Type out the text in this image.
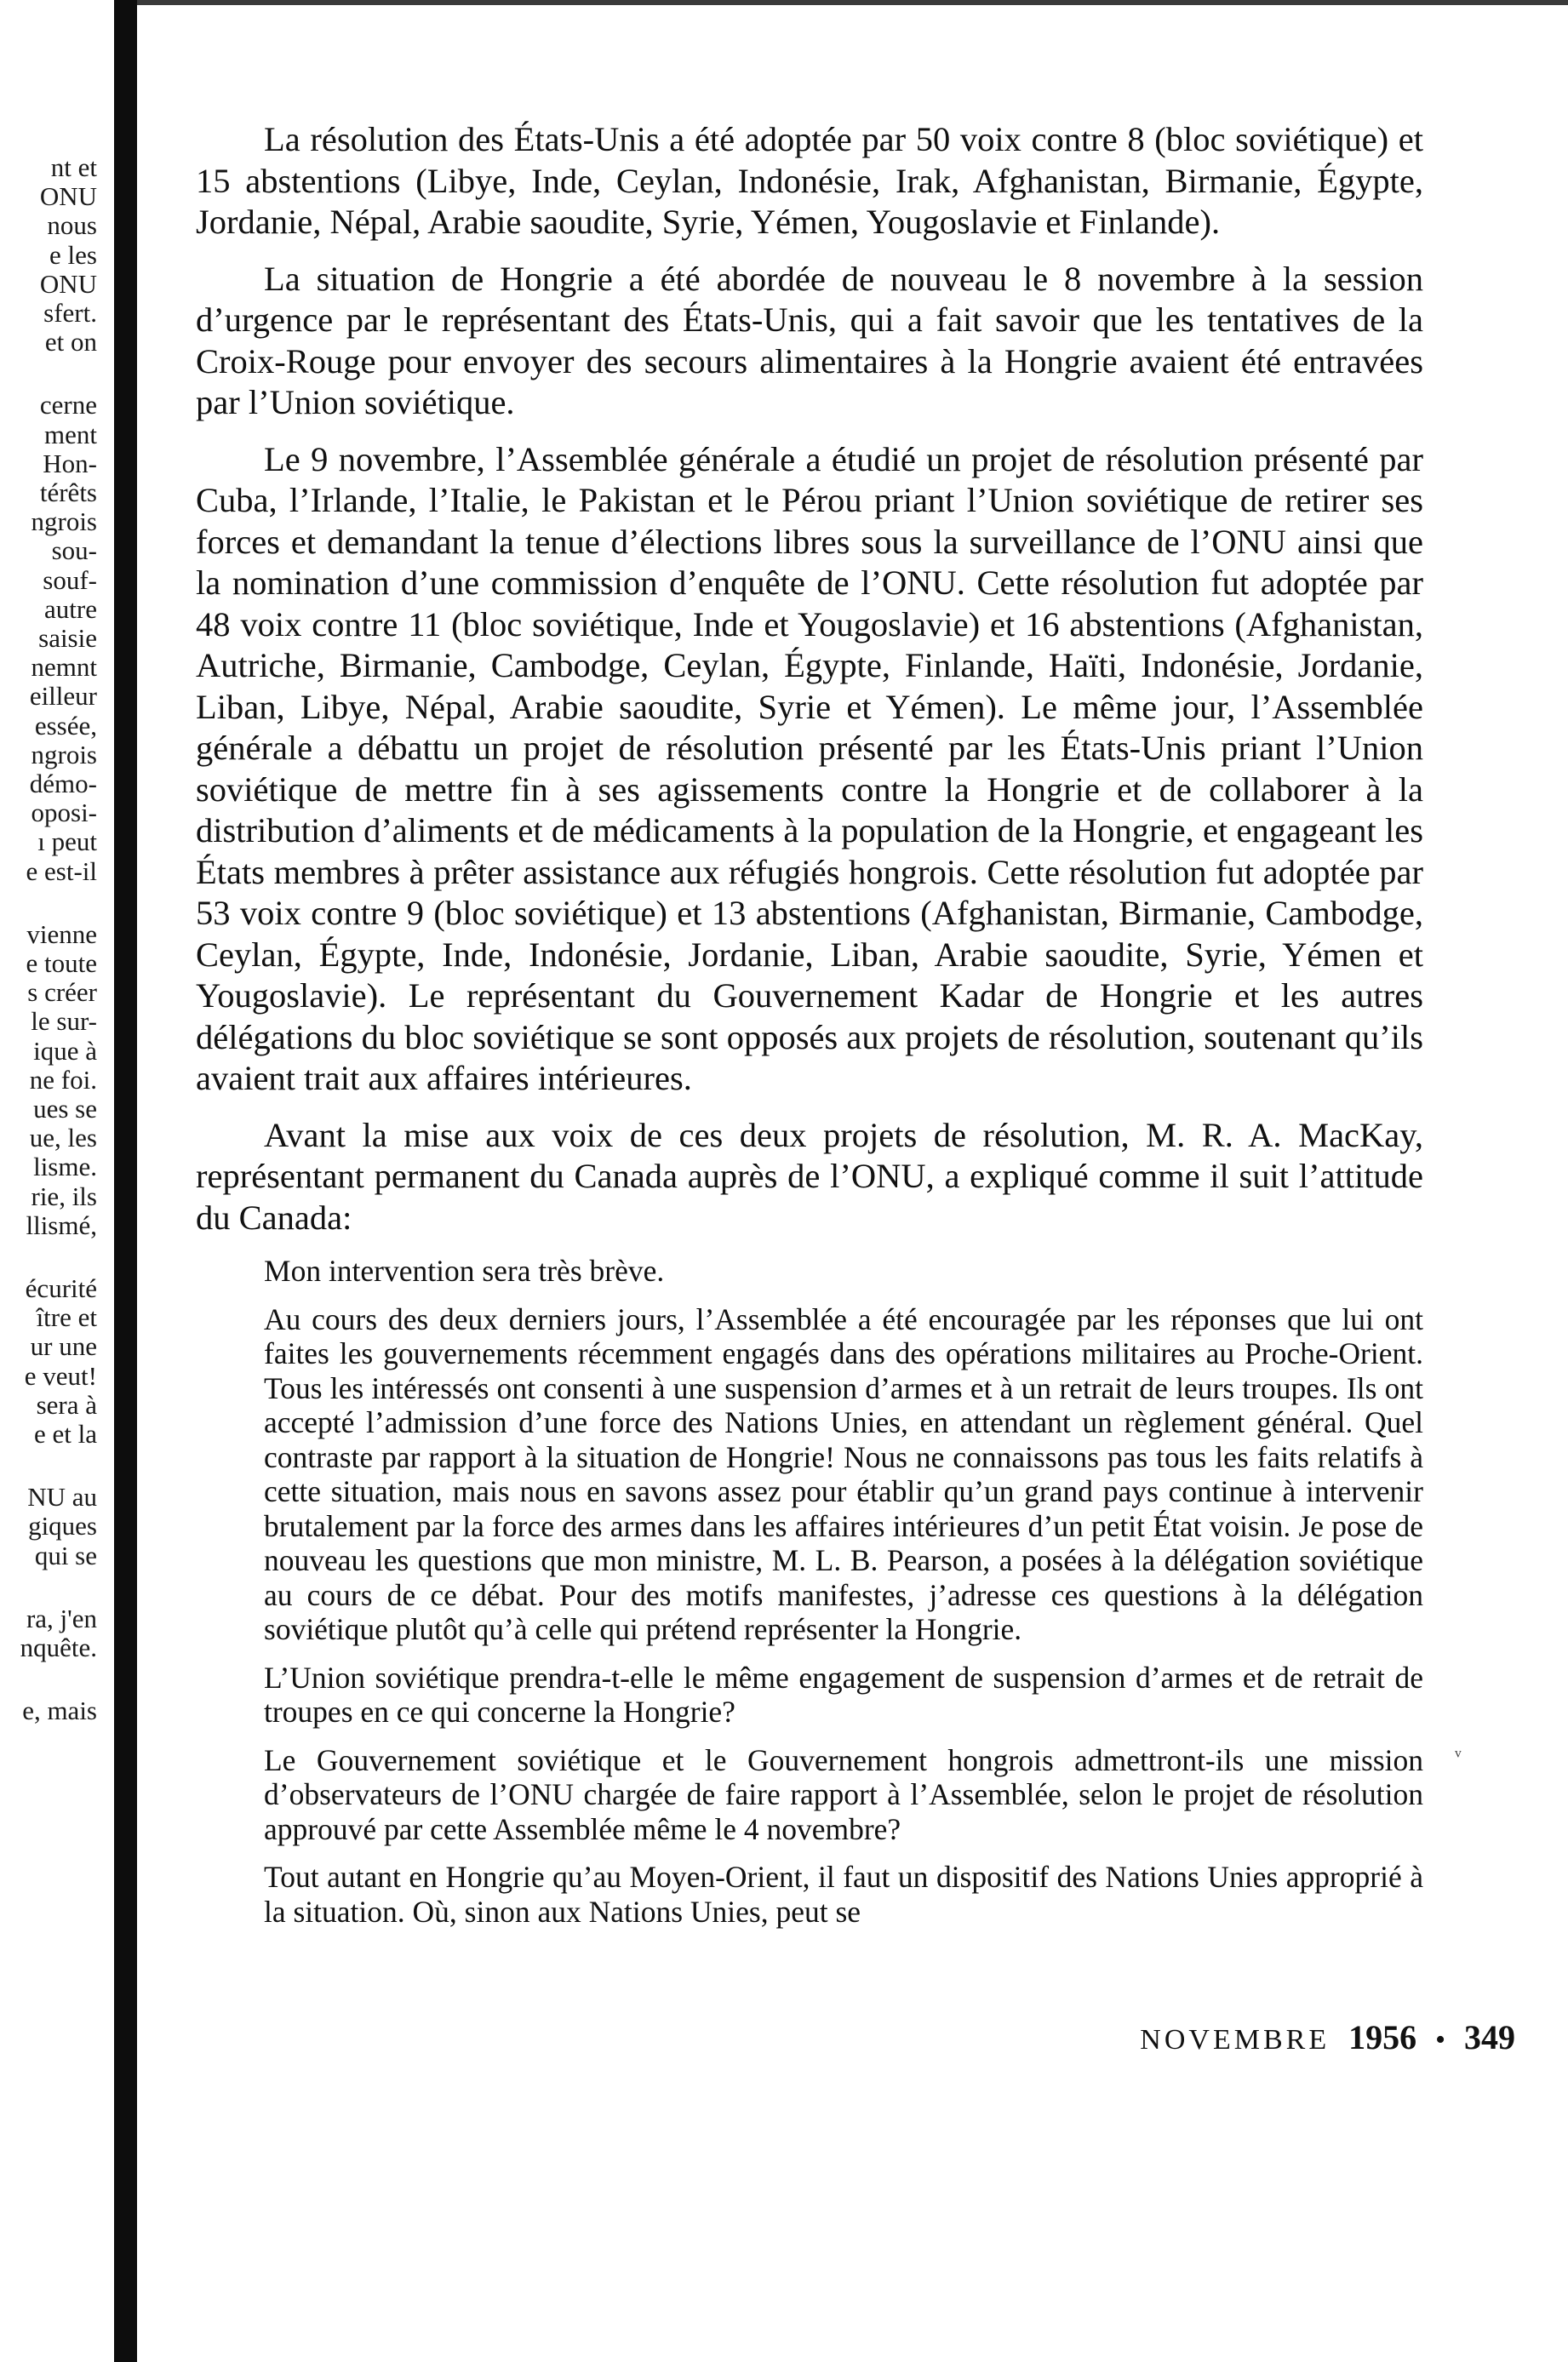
nt et
ONU
nous
e les
ONU
sfert.
et on
cerne
ment
Hon-
térêts
ngrois
sou-
souf-
autre
saisie
nemnt
eilleur
essée,
ngrois
démo-
oposi-
ı peut
e est-il
vienne
e toute
s créer
le sur-
ique à
ne foi.
ues se
ue, les
lisme.
rie, ils
llismé,
écurité
ître et
ur une
e veut!
sera à
e et la
NU au
giques
qui se
ra, j'en
nquête.
e, mais

La résolution des États-Unis a été adoptée par 50 voix contre 8 (bloc soviétique) et 15 abstentions (Libye, Inde, Ceylan, Indonésie, Irak, Afghanistan, Birmanie, Égypte, Jordanie, Népal, Arabie saoudite, Syrie, Yémen, Yougoslavie et Finlande).

La situation de Hongrie a été abordée de nouveau le 8 novembre à la session d’urgence par le représentant des États-Unis, qui a fait savoir que les tentatives de la Croix-Rouge pour envoyer des secours alimentaires à la Hongrie avaient été entravées par l’Union soviétique.

Le 9 novembre, l’Assemblée générale a étudié un projet de résolution présenté par Cuba, l’Irlande, l’Italie, le Pakistan et le Pérou priant l’Union soviétique de retirer ses forces et demandant la tenue d’élections libres sous la surveillance de l’ONU ainsi que la nomination d’une commission d’enquête de l’ONU. Cette résolution fut adoptée par 48 voix contre 11 (bloc soviétique, Inde et Yougoslavie) et 16 abstentions (Afghanistan, Autriche, Birmanie, Cambodge, Ceylan, Égypte, Finlande, Haïti, Indonésie, Jordanie, Liban, Libye, Népal, Arabie saoudite, Syrie et Yémen). Le même jour, l’Assemblée générale a débattu un projet de résolution présenté par les États-Unis priant l’Union soviétique de mettre fin à ses agissements contre la Hongrie et de collaborer à la distribution d’aliments et de médicaments à la population de la Hongrie, et engageant les États membres à prêter assistance aux réfugiés hongrois. Cette résolution fut adoptée par 53 voix contre 9 (bloc soviétique) et 13 abstentions (Afghanistan, Birmanie, Cambodge, Ceylan, Égypte, Inde, Indonésie, Jordanie, Liban, Arabie saoudite, Syrie, Yémen et Yougoslavie). Le représentant du Gouvernement Kadar de Hongrie et les autres délégations du bloc soviétique se sont opposés aux projets de résolution, soutenant qu’ils avaient trait aux affaires intérieures.

Avant la mise aux voix de ces deux projets de résolution, M. R. A. MacKay, représentant permanent du Canada auprès de l’ONU, a expliqué comme il suit l’attitude du Canada:

Mon intervention sera très brève.

Au cours des deux derniers jours, l’Assemblée a été encouragée par les réponses que lui ont faites les gouvernements récemment engagés dans des opérations militaires au Proche-Orient. Tous les intéressés ont consenti à une suspension d’armes et à un retrait de leurs troupes. Ils ont accepté l’admission d’une force des Nations Unies, en attendant un règlement général. Quel contraste par rapport à la situation de Hongrie! Nous ne connaissons pas tous les faits relatifs à cette situation, mais nous en savons assez pour établir qu’un grand pays continue à intervenir brutalement par la force des armes dans les affaires intérieures d’un petit État voisin. Je pose de nouveau les questions que mon ministre, M. L. B. Pearson, a posées à la délégation soviétique au cours de ce débat. Pour des motifs manifestes, j’adresse ces questions à la délégation soviétique plutôt qu’à celle qui prétend représenter la Hongrie.

L’Union soviétique prendra-t-elle le même engagement de suspension d’armes et de retrait de troupes en ce qui concerne la Hongrie?

Le Gouvernement soviétique et le Gouvernement hongrois admettront-ils une mission d’observateurs de l’ONU chargée de faire rapport à l’Assemblée, selon le projet de résolution approuvé par cette Assemblée même le 4 novembre?

Tout autant en Hongrie qu’au Moyen-Orient, il faut un dispositif des Nations Unies approprié à la situation. Où, sinon aux Nations Unies, peut se

ᵥ
NOVEMBRE 1956 • 349
